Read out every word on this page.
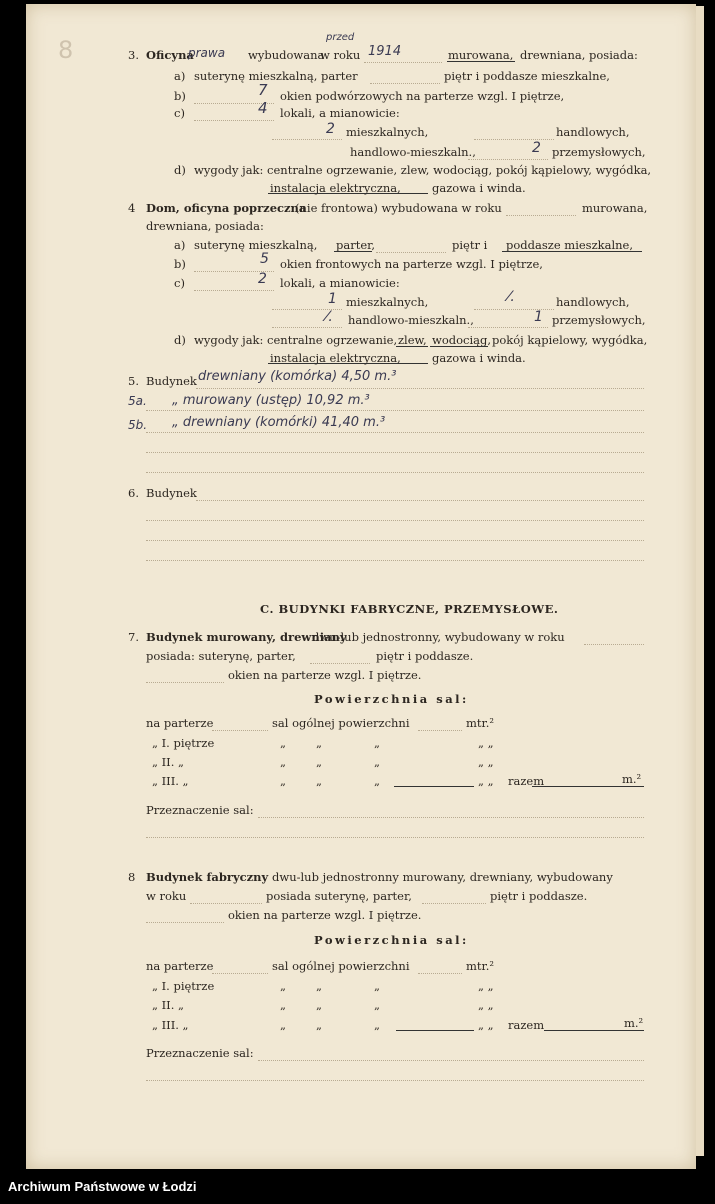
8	3. Oficyna
prawa wybudowana
przed
w roku 1914	murowana, drewniana, posiada:
a) suterynę mieszkalną, parter	piętr i poddasze mieszkalne,
b)	7 okien podwórzowych na parterze wzgl. I piętrze,
c)	4 lokali, a mianowicie:
2 mieszkalnych,	handlowych,
handlowo-mieszkaln.,	2 przemysłowych,
d) wygody jak: centralne ogrzewanie, zlew, wodociąg, pokój kąpielowy, wygódka,
instalacja elektryczna,	gazowa i winda.
4 Dom, oficyna poprzeczna
(nie frontowa) wybudowana w roku	murowana,
drewniana, posiada:
a) suterynę mieszkalną, parter,	piętr i poddasze mieszkalne,
b)	5 okien frontowych na parterze wzgl. I piętrze,
c)	2 lokali, a mianowicie:
1 mieszkalnych,	⁄.	handlowych,
⁄. handlowo-mieszkaln.,	1 przemysłowych,
d) wygody jak: centralne ogrzewanie, zlew, wodociąg, pokój kąpielowy, wygódka,
instalacja elektryczna,	gazowa i winda.
5. Budynek drewniany (komórka) 4,50 m.³
5a. „ murowany (ustęp) 10,92 m.³
5b. „ drewniany (komórki) 41,40 m.³
6. Budynek
C. BUDYNKI FABRYCZNE, PRZEMYSŁOWE.
7. Budynek murowany, drewniany
dwu-lub jednostronny, wybudowany w roku
posiada: suterynę, parter,	piętr i poddasze.
okien na parterze wzgl. I piętrze.
Powierzchnia sal:
na parterze	sal ogólnej powierzchni	mtr.²
„ I. piętrze	„	„	„	„ „
„ II. „	„	„	„	„ „
„ III. „	„	„	„	„ „ razem	m.²
Przeznaczenie sal:
8 Budynek fabryczny dwu-lub jednostronny murowany, drewniany, wybudowany
w roku	posiada suterynę, parter,	piętr i poddasze.
okien na parterze wzgl. I piętrze.
Powierzchnia sal:
na parterze	sal ogólnej powierzchni	mtr.²
„ I. piętrze	„	„	„	„ „
„ II. „	„	„	„	„ „
„ III. „	„	„	„	„ „ razem	m.²
Przeznaczenie sal:
Archiwum Państwowe w Łodzi
